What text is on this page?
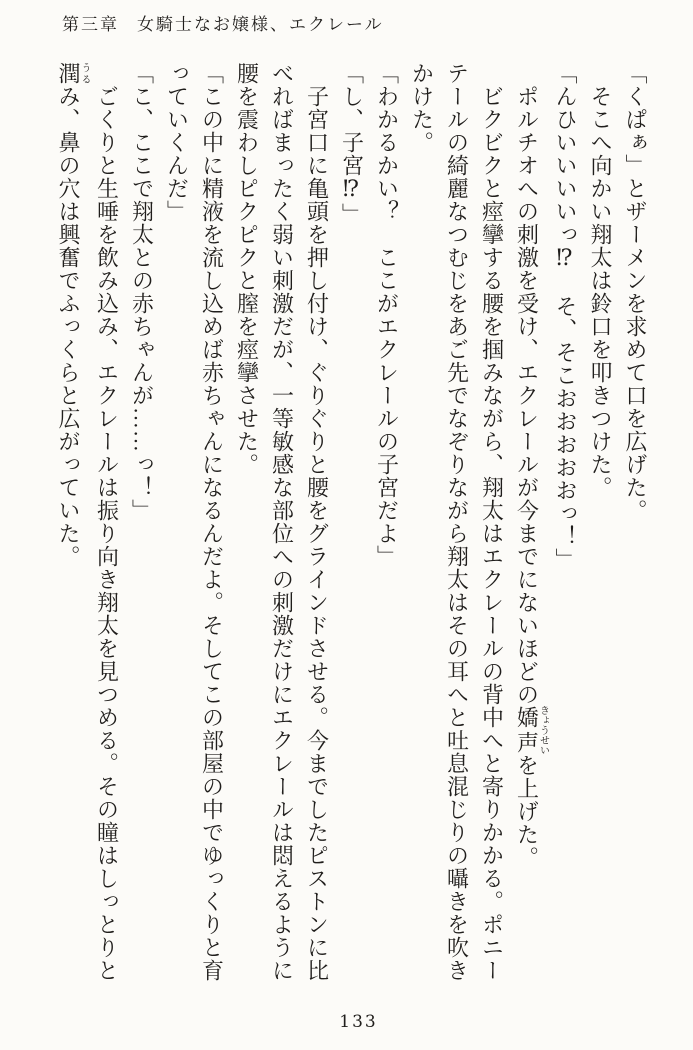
第三章 女騎士なお嬢様、エクレール

「くぱぁ」とザーメンを求めて口を広げた。

　そこへ向かい翔太は鈴口を叩きつけた。

「んひいいいいっ⁉　そ、そこおおおおおっ！」

　ポルチオへの刺激を受け、エクレールが今までにないほどの嬌声きょうせいを上げた。

　ビクビクと痙攣する腰を掴みながら、翔太はエクレールの背中へと寄りかかる。ポニー

テールの綺麗なつむじをあご先でなぞりながら翔太はその耳へと吐息混じりの囁きを吹き

かけた。

「わかるかい？　ここがエクレールの子宮だよ」

「し、子宮⁉」

　子宮口に亀頭を押し付け、ぐりぐりと腰をグラインドさせる。今までしたピストンに比

べればまったく弱い刺激だが、一等敏感な部位への刺激だけにエクレールは悶えるように

腰を震わしピクピクと膣を痙攣させた。

「この中に精液を流し込めば赤ちゃんになるんだよ。そしてこの部屋の中でゆっくりと育

っていくんだ」

「こ、ここで翔太との赤ちゃんが……っ！」

　ごくりと生唾を飲み込み、エクレールは振り向き翔太を見つめる。その瞳はしっとりと

潤うるみ、鼻の穴は興奮でふっくらと広がっていた。

133
